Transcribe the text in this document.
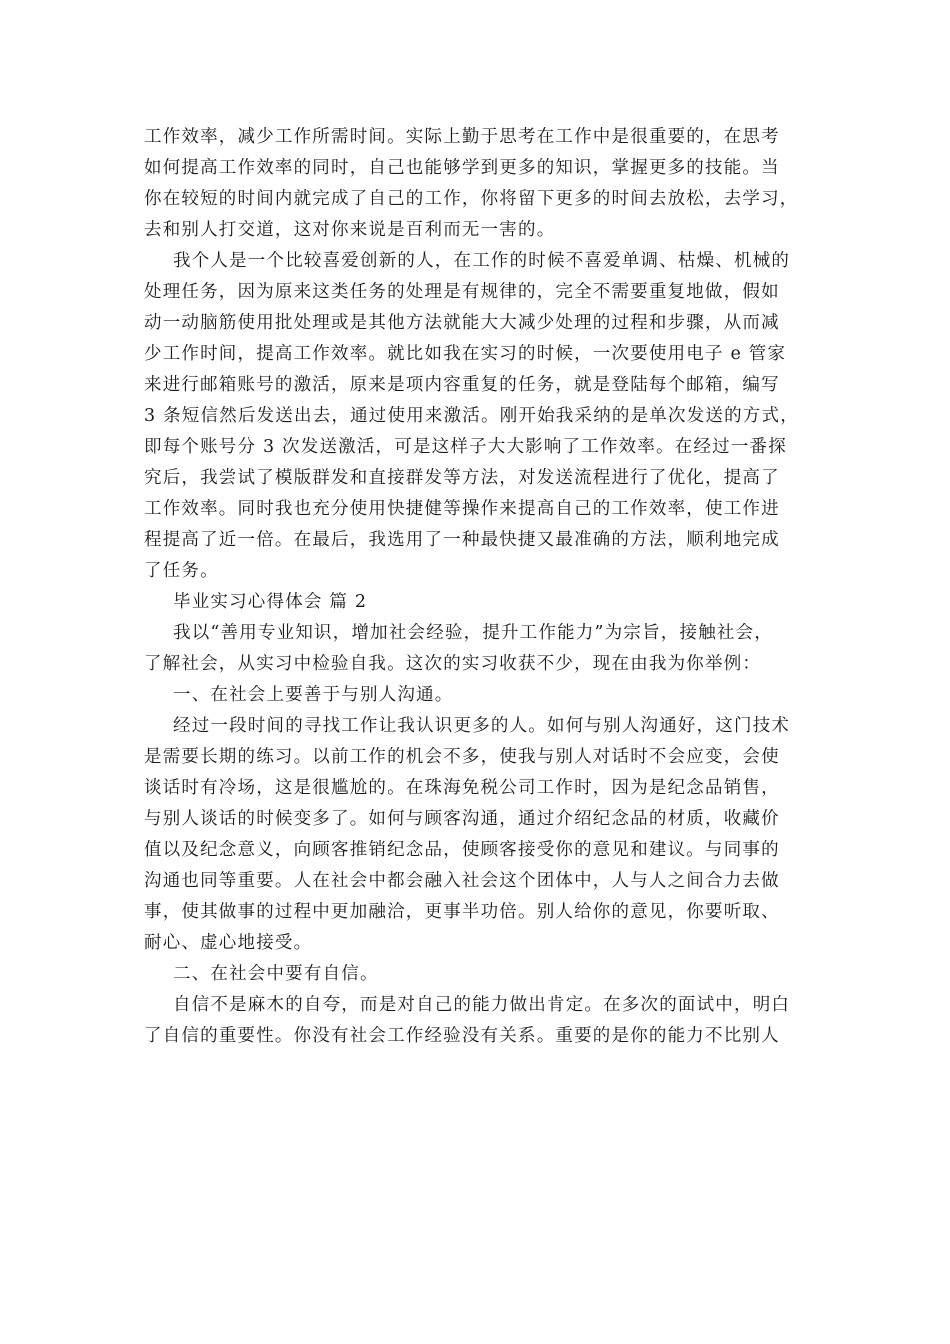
工作效率，减少工作所需时间。实际上勤于思考在工作中是很重要的，在思考
如何提高工作效率的同时，自己也能够学到更多的知识，掌握更多的技能。当
你在较短的时间内就完成了自己的工作，你将留下更多的时间去放松，去学习，
去和别人打交道，这对你来说是百利而无一害的。
我个人是一个比较喜爱创新的人，在工作的时候不喜爱单调、枯燥、机械的
处理任务，因为原来这类任务的处理是有规律的，完全不需要重复地做，假如
动一动脑筋使用批处理或是其他方法就能大大减少处理的过程和步骤，从而减
少工作时间，提高工作效率。就比如我在实习的时候，一次要使用电子 e 管家
来进行邮箱账号的激活，原来是项内容重复的任务，就是登陆每个邮箱，编写
3 条短信然后发送出去，通过使用来激活。刚开始我采纳的是单次发送的方式，
即每个账号分 3 次发送激活，可是这样子大大影响了工作效率。在经过一番探
究后，我尝试了模版群发和直接群发等方法，对发送流程进行了优化，提高了
工作效率。同时我也充分使用快捷健等操作来提高自己的工作效率，使工作进
程提高了近一倍。在最后，我选用了一种最快捷又最准确的方法，顺利地完成
了任务。
毕业实习心得体会 篇 2
我以“善用专业知识，增加社会经验，提升工作能力”为宗旨，接触社会，
了解社会，从实习中检验自我。这次的实习收获不少，现在由我为你举例：
一、在社会上要善于与别人沟通。
经过一段时间的寻找工作让我认识更多的人。如何与别人沟通好，这门技术
是需要长期的练习。以前工作的机会不多，使我与别人对话时不会应变，会使
谈话时有冷场，这是很尴尬的。在珠海免税公司工作时，因为是纪念品销售，
与别人谈话的时候变多了。如何与顾客沟通，通过介绍纪念品的材质，收藏价
值以及纪念意义，向顾客推销纪念品，使顾客接受你的意见和建议。与同事的
沟通也同等重要。人在社会中都会融入社会这个团体中，人与人之间合力去做
事，使其做事的过程中更加融洽，更事半功倍。别人给你的意见，你要听取、
耐心、虚心地接受。
二、在社会中要有自信。
自信不是麻木的自夸，而是对自己的能力做出肯定。在多次的面试中，明白
了自信的重要性。你没有社会工作经验没有关系。重要的是你的能力不比别人
